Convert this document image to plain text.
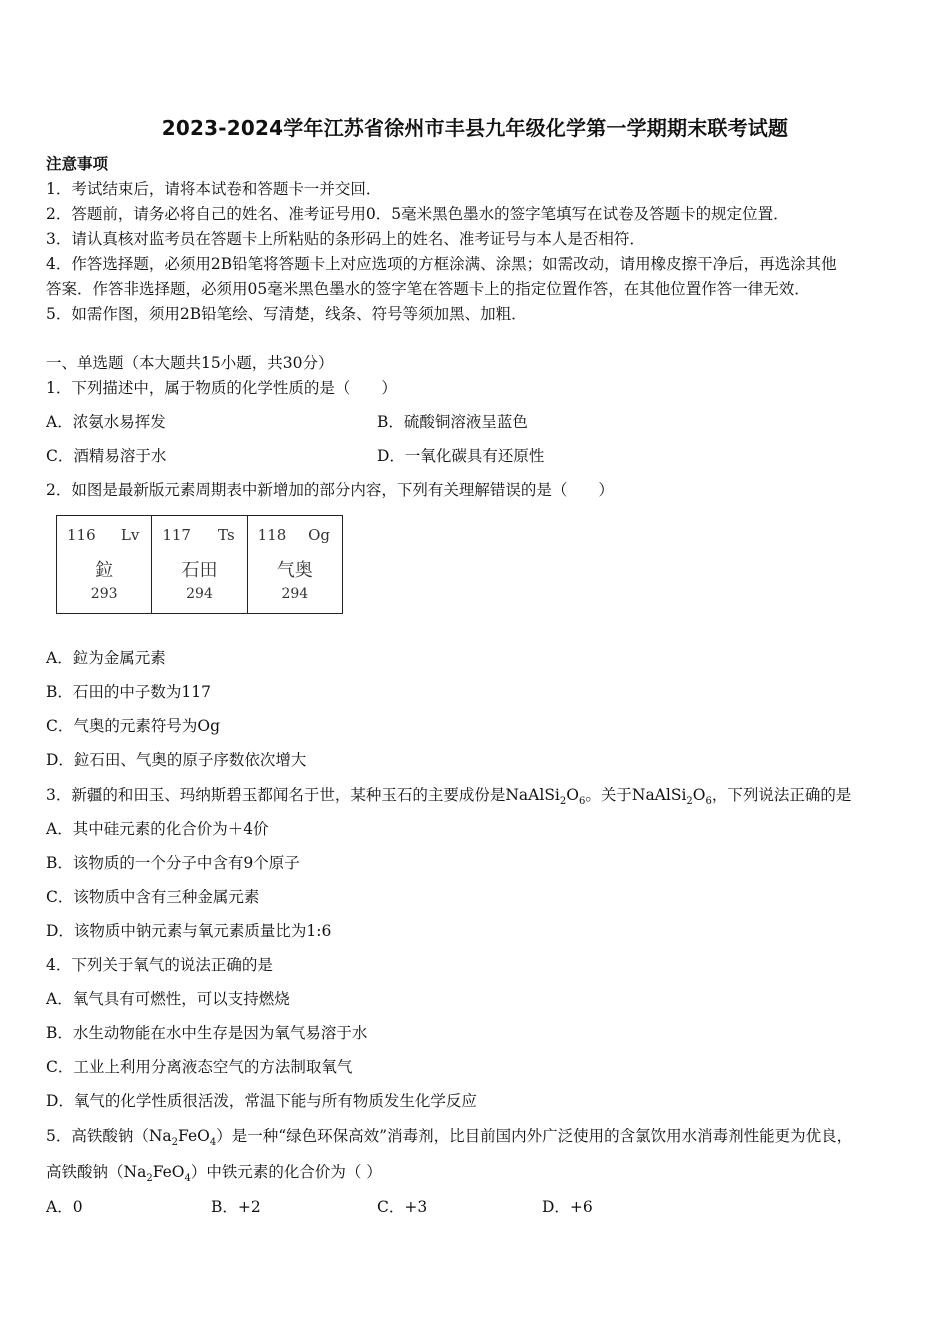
2023-2024学年江苏省徐州市丰县九年级化学第一学期期末联考试题
注意事项
1．考试结束后，请将本试卷和答题卡一并交回．
2．答题前，请务必将自己的姓名、准考证号用0．5毫米黑色墨水的签字笔填写在试卷及答题卡的规定位置．
3．请认真核对监考员在答题卡上所粘贴的条形码上的姓名、准考证号与本人是否相符．
4．作答选择题，必须用2B铅笔将答题卡上对应选项的方框涂满、涂黑；如需改动，请用橡皮擦干净后，再选涂其他
答案．作答非选择题，必须用05毫米黑色墨水的签字笔在答题卡上的指定位置作答，在其他位置作答一律无效．
5．如需作图，须用2B铅笔绘、写清楚，线条、符号等须加黑、加粗．
一、单选题（本大题共15小题，共30分）
1．下列描述中，属于物质的化学性质的是（　　）
A．浓氨水易挥发	B．硫酸铜溶液呈蓝色
C．酒精易溶于水	D．一氧化碳具有还原性
2．如图是最新版元素周期表中新增加的部分内容，下列有关理解错误的是（　　）
116 Lv
鉝
293
117 Ts
石田
294
118 Og
气奥
294
A．鉝为金属元素
B．石田的中子数为117
C．气奥的元素符号为Og
D．鉝石田、气奥的原子序数依次增大
3．新疆的和田玉、玛纳斯碧玉都闻名于世，某种玉石的主要成份是$NaAlSi_2O_6$。关于$NaAlSi_2O_6$，下列说法正确的是
A．其中硅元素的化合价为＋4价
B．该物质的一个分子中含有9个原子
C．该物质中含有三种金属元素
D．该物质中钠元素与氧元素质量比为1:6
4．下列关于氧气的说法正确的是
A．氧气具有可燃性，可以支持燃烧
B．水生动物能在水中生存是因为氧气易溶于水
C．工业上利用分离液态空气的方法制取氧气
D．氧气的化学性质很活泼，常温下能与所有物质发生化学反应
5．高铁酸钠$(Na_2FeO_4)$是一种“绿色环保高效”消毒剂，比目前国内外广泛使用的含氯饮用水消毒剂性能更为优良，
高铁酸钠$(Na_2FeO_4)$中铁元素的化合价为（ ）
A．0	B．+2	C．+3	D．+6
